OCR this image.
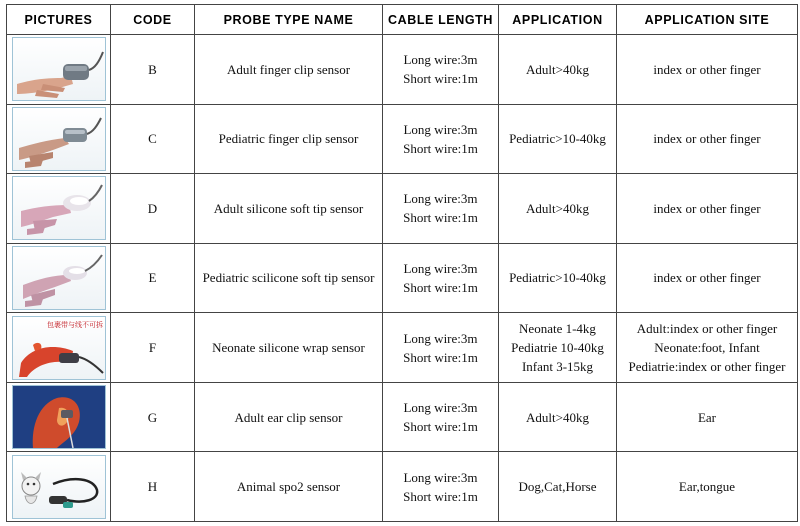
PICTURES	CODE	PROBE TYPE NAME	CABLE LENGTH	APPLICATION	APPLICATION SITE

	B	Adult finger clip sensor	Long wire:3m
Short wire:1m	Adult>40kg	index or other finger

	C	Pediatric finger clip sensor	Long wire:3m
Short wire:1m	Pediatric>10-40kg	index or other finger

	D	Adult silicone soft tip sensor	Long wire:3m
Short wire:1m	Adult>40kg	index or other finger

	E	Pediatric scilicone soft tip sensor	Long wire:3m
Short wire:1m	Pediatric>10-40kg	index or other finger

包裹带与线不可拆	F	Neonate silicone wrap sensor	Long wire:3m
Short wire:1m	Neonate 1-4kg
Pediatrie 10-40kg
Infant 3-15kg	Adult:index or other finger
Neonate:foot, Infant
Pediatrie:index or other finger

	G	Adult ear clip sensor	Long wire:3m
Short wire:1m	Adult>40kg	Ear

	H	Animal spo2 sensor	Long wire:3m
Short wire:1m	Dog,Cat,Horse	Ear,tongue
